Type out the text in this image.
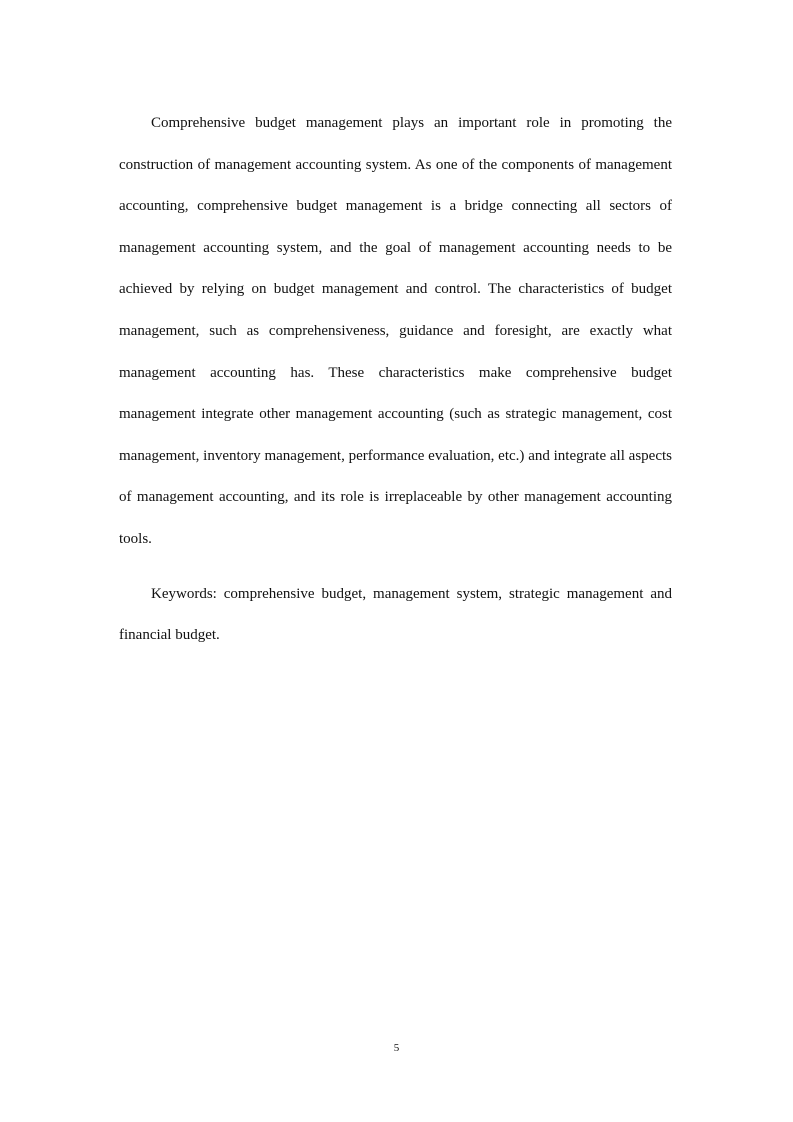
Comprehensive budget management plays an important role in promoting the construction of management accounting system. As one of the components of management accounting, comprehensive budget management is a bridge connecting all sectors of management accounting system, and the goal of management accounting needs to be achieved by relying on budget management and control. The characteristics of budget management, such as comprehensiveness, guidance and foresight, are exactly what management accounting has. These characteristics make comprehensive budget management integrate other management accounting (such as strategic management, cost management, inventory management, performance evaluation, etc.) and integrate all aspects of management accounting, and its role is irreplaceable by other management accounting tools.

Keywords: comprehensive budget, management system, strategic management and financial budget.

5
